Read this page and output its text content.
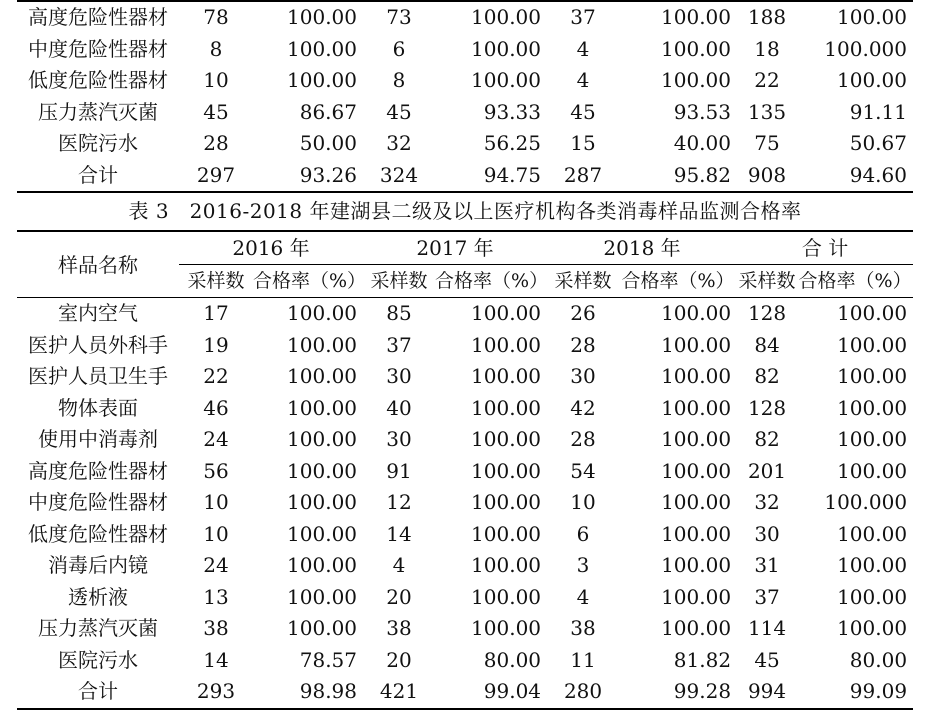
高度危险性器材	78	100.00	73	100.00	37	100.00	188	100.00
中度危险性器材	8	100.00	6	100.00	4	100.00	18	100.000
低度危险性器材	10	100.00	8	100.00	4	100.00	22	100.00
压力蒸汽灭菌	45	86.67	45	93.33	45	93.53	135	91.11
医院污水	28	50.00	32	56.25	15	40.00	75	50.67
合计	297	93.26	324	94.75	287	95.82	908	94.60
表 3　2016-2018 年建湖县二级及以上医疗机构各类消毒样品监测合格率
样品名称	2016 年		2017 年		2018 年		合 计	
	采样数	合格率（%）	采样数	合格率（%）	采样数	合格率（%）	采样数	合格率（%）
室内空气	17	100.00	85	100.00	26	100.00	128	100.00
医护人员外科手	19	100.00	37	100.00	28	100.00	84	100.00
医护人员卫生手	22	100.00	30	100.00	30	100.00	82	100.00
物体表面	46	100.00	40	100.00	42	100.00	128	100.00
使用中消毒剂	24	100.00	30	100.00	28	100.00	82	100.00
高度危险性器材	56	100.00	91	100.00	54	100.00	201	100.00
中度危险性器材	10	100.00	12	100.00	10	100.00	32	100.000
低度危险性器材	10	100.00	14	100.00	6	100.00	30	100.00
消毒后内镜	24	100.00	4	100.00	3	100.00	31	100.00
透析液	13	100.00	20	100.00	4	100.00	37	100.00
压力蒸汽灭菌	38	100.00	38	100.00	38	100.00	114	100.00
医院污水	14	78.57	20	80.00	11	81.82	45	80.00
合计	293	98.98	421	99.04	280	99.28	994	99.09
